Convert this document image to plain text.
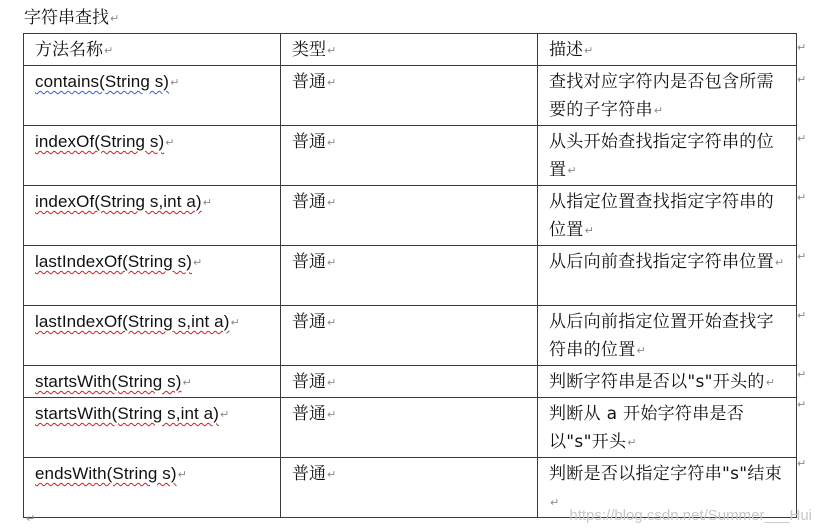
字符串查找↵
方法名称↵	类型↵	描述↵
contains(String s)↵	普通↵	查找对应字符内是否包含所需要的子字符串↵
indexOf(String s)↵	普通↵	从头开始查找指定字符串的位置↵
indexOf(String s,int a)↵	普通↵	从指定位置查找指定字符串的位置↵
lastIndexOf(String s)↵	普通↵	从后向前查找指定字符串位置↵
lastIndexOf(String s,int a)↵	普通↵	从后向前指定位置开始查找字符串的位置↵
startsWith(String s)↵	普通↵	判断字符串是否以"s"开头的↵
startsWith(String s,int a)↵	普通↵	判断从 a 开始字符串是否以"s"开头↵
endsWith(String s)↵	普通↵	判断是否以指定字符串"s"结束↵
↵
↵
↵
↵
↵
↵
↵
↵
↵
↵	https://blog.csdn.net/Summer___Hui
